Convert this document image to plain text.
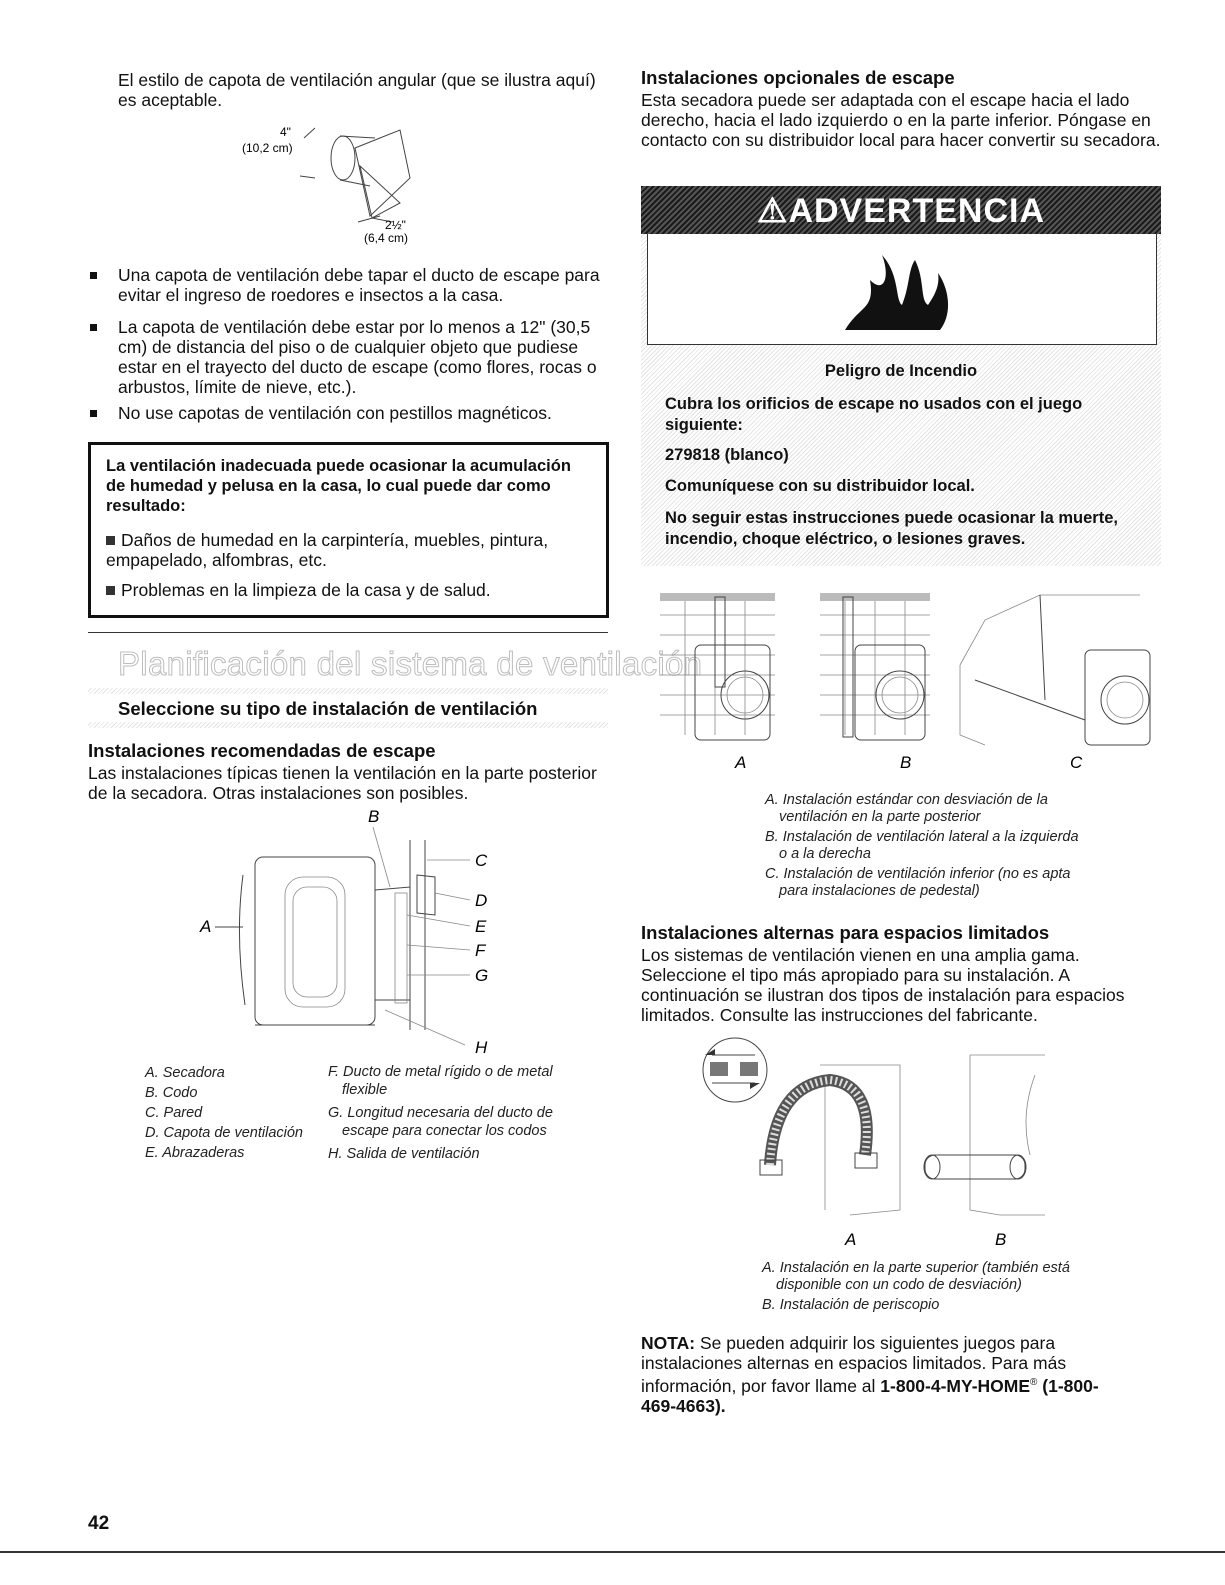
El estilo de capota de ventilación angular (que se ilustra aquí) es aceptable.

4"
(10,2 cm)
2½"
(6,4 cm)

Una capota de ventilación debe tapar el ducto de escape para evitar el ingreso de roedores e insectos a la casa.

La capota de ventilación debe estar por lo menos a 12" (30,5 cm) de distancia del piso o de cualquier objeto que pudiese estar en el trayecto del ducto de escape (como flores, rocas o arbustos, límite de nieve, etc.).

No use capotas de ventilación con pestillos magnéticos.

La ventilación inadecuada puede ocasionar la acumulación de humedad y pelusa en la casa, lo cual puede dar como resultado:

Daños de humedad en la carpintería, muebles, pintura, empapelado, alfombras, etc.

Problemas en la limpieza de la casa y de salud.

Planificación del sistema de ventilación
Seleccione su tipo de instalación de ventilación
Instalaciones recomendadas de escape

Las instalaciones típicas tienen la ventilación en la parte posterior de la secadora. Otras instalaciones son posibles.

B
A
C
D
E
F
G
H
A. Secadora
B. Codo
C. Pared
D. Capota de ventilación
E. Abrazaderas
F. Ducto de metal rígido o de metal flexible
G. Longitud necesaria del ducto de escape para conectar los codos
H. Salida de ventilación
Instalaciones opcionales de escape

Esta secadora puede ser adaptada con el escape hacia el lado derecho, hacia el lado izquierdo o en la parte inferior. Póngase en contacto con su distribuidor local para hacer convertir su secadora.

⚠ADVERTENCIA
Peligro de Incendio

Cubra los orificios de escape no usados con el juego siguiente:

279818 (blanco)

Comuníquese con su distribuidor local.

No seguir estas instrucciones puede ocasionar la muerte, incendio, choque eléctrico, o lesiones graves.

A	B	C
A. Instalación estándar con desviación de la ventilación en la parte posterior
B. Instalación de ventilación lateral a la izquierda o a la derecha
C. Instalación de ventilación inferior (no es apta para instalaciones de pedestal)
Instalaciones alternas para espacios limitados

Los sistemas de ventilación vienen en una amplia gama. Seleccione el tipo más apropiado para su instalación. A continuación se ilustran dos tipos de instalación para espacios limitados. Consulte las instrucciones del fabricante.

A	B
A. Instalación en la parte superior (también está disponible con un codo de desviación)
B. Instalación de periscopio

NOTA: Se pueden adquirir los siguientes juegos para instalaciones alternas en espacios limitados. Para más información, por favor llame al 1-800-4-MY-HOME® (1-800-469-4663).

42
